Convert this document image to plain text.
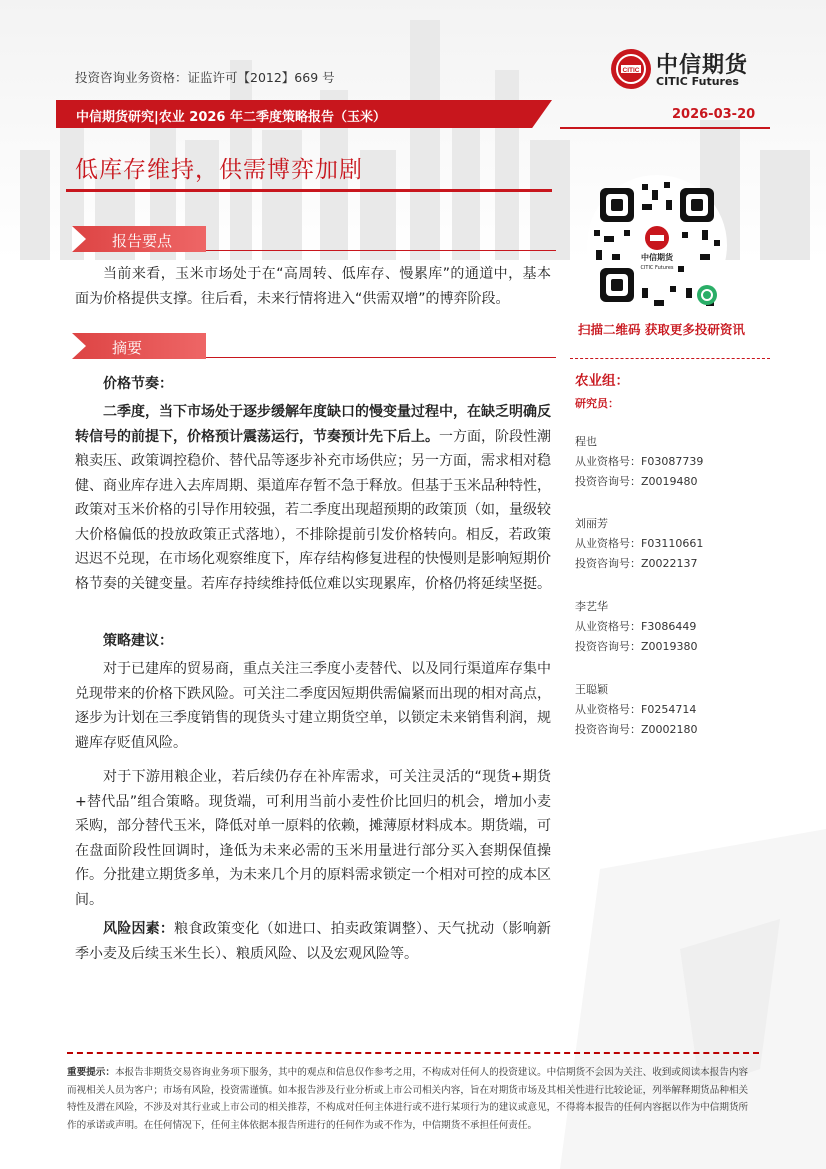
投资咨询业务资格：证监许可【2012】669 号	CITIC 中信期货
CITIC Futures
中信期货研究|农业 2026 年二季度策略报告（玉米）	2026-03-20
低库存维持，供需博弈加剧
报告要点

当前来看，玉米市场处于在“高周转、低库存、慢累库”的通道中，基本面为价格提供支撑。往后看，未来行情将进入“供需双增”的博弈阶段。

摘要
价格节奏：

二季度，当下市场处于逐步缓解年度缺口的慢变量过程中，在缺乏明确反转信号的前提下，价格预计震荡运行，节奏预计先下后上。一方面，阶段性潮粮卖压、政策调控稳价、替代品等逐步补充市场供应；另一方面，需求相对稳健、商业库存进入去库周期、渠道库存暂不急于释放。但基于玉米品种特性，政策对玉米价格的引导作用较强，若二季度出现超预期的政策顶（如，量级较大价格偏低的投放政策正式落地），不排除提前引发价格转向。相反，若政策迟迟不兑现，在市场化观察维度下，库存结构修复进程的快慢则是影响短期价格节奏的关键变量。若库存持续维持低位难以实现累库，价格仍将延续坚挺。

策略建议：

对于已建库的贸易商，重点关注三季度小麦替代、以及同行渠道库存集中兑现带来的价格下跌风险。可关注二季度因短期供需偏紧而出现的相对高点，逐步为计划在三季度销售的现货头寸建立期货空单，以锁定未来销售利润，规避库存贬值风险。

对于下游用粮企业，若后续仍存在补库需求，可关注灵活的“现货+期货+替代品”组合策略。现货端，可利用当前小麦性价比回归的机会，增加小麦采购，部分替代玉米，降低对单一原料的依赖，摊薄原材料成本。期货端，可在盘面阶段性回调时，逢低为未来必需的玉米用量进行部分买入套期保值操作。分批建立期货多单，为未来几个月的原料需求锁定一个相对可控的成本区间。

风险因素：粮食政策变化（如进口、拍卖政策调整）、天气扰动（影响新季小麦及后续玉米生长）、粮质风险、以及宏观风险等。

中信期货
CITIC Futures
扫描二维码 获取更多投研资讯
农业组：
研究员：
程也
从业资格号：F03087739
投资咨询号：Z0019480
刘丽芳
从业资格号：F03110661
投资咨询号：Z0022137
李艺华
从业资格号：F3086449
投资咨询号：Z0019380
王聪颖
从业资格号：F0254714
投资咨询号：Z0002180
重要提示：本报告非期货交易咨询业务项下服务，其中的观点和信息仅作参考之用，不构成对任何人的投资建议。中信期货不会因为关注、收到或阅读本报告内容而视相关人员为客户；市场有风险，投资需谨慎。如本报告涉及行业分析或上市公司相关内容，旨在对期货市场及其相关性进行比较论证，列举解释期货品种相关特性及潜在风险，不涉及对其行业或上市公司的相关推荐，不构成对任何主体进行或不进行某项行为的建议或意见，不得将本报告的任何内容据以作为中信期货所作的承诺或声明。在任何情况下，任何主体依据本报告所进行的任何作为或不作为，中信期货不承担任何责任。
